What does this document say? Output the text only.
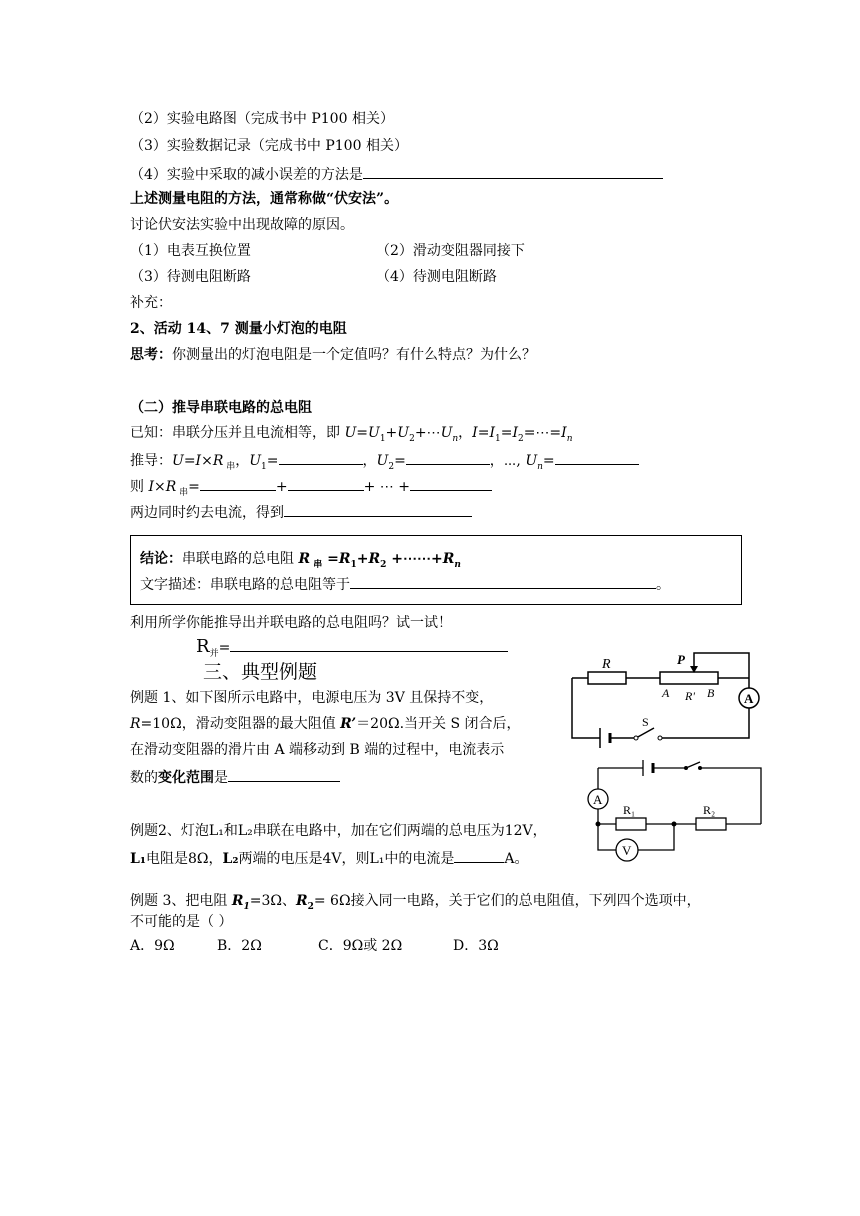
（2）实验电路图（完成书中 P100 相关）
（3）实验数据记录（完成书中 P100 相关）
（4）实验中采取的减小误差的方法是
上述测量电阻的方法，通常称做“伏安法”。
讨论伏安法实验中出现故障的原因。
（1）电表互换位置	（2）滑动变阻器同接下
（3）待测电阻断路	（4）待测电阻断路
补充：
2、活动 14、7 测量小灯泡的电阻
思考：你测量出的灯泡电阻是一个定值吗？有什么特点？为什么？
（二）推导串联电路的总电阻
已知：串联分压并且电流相等，即 $U=U_1+U_2+\cdots U_n$，$I=I_1=I_2=\cdots=I_n$
推导：U=I×R $_串$，$U_1=$	，$U_2=$	，⋯, $U_n=$
则 I×R $_串$=	+	+ ⋯ +
两边同时约去电流，得到
结论：串联电路的总电阻 R $_串 =R_1+R_2$ $+\cdots\cdots+R_n$
文字描述：串联电路的总电阻等于	。
利用所学你能推导出并联电路的总电阻吗？试一试！
$R_并=$
三、典型例题
例题 1、如下图所示电路中，电源电压为 3V 且保持不变，
R=10Ω，滑动变阻器的最大阻值 R’＝20Ω.当开关 S 闭合后，
在滑动变阻器的滑片由 A 端移动到 B 端的过程中，电流表示
数的变化范围是
例题2、灯泡L₁和L₂串联在电路中，加在它们两端的总电压为12V，
L₁电阻是8Ω，L₂两端的电压是4V，则L₁中的电流是	A。
例题 3、把电阻 $R_1=3\Omega$、$R_2= 6\Omega$接入同一电路，关于它们的总电阻值，下列四个选项中，
不可能的是（ ）
A．9Ω	B．2Ω	C．9Ω或 2Ω	D．3Ω
R	P
A R' B
S
A
A
V
R₁	R₂
